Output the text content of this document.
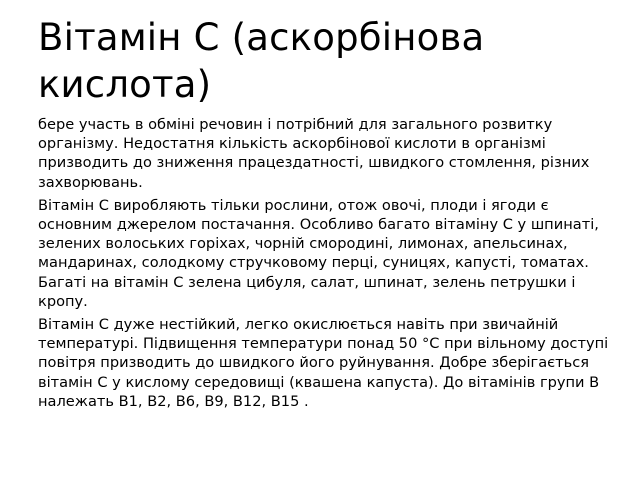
Вітамін С (аскорбінова кислота)

бере участь в обміні речовин і потрібний для загального розвитку організму. Недостатня кількість аскорбінової кислоти в організмі призводить до зниження працездатності, швидкого стомлення, різних захворювань.

Вітамін С виробляють тільки рослини, отож овочі, плоди і ягоди є основним джерелом постачання. Особливо багато вітаміну С у шпинаті, зелених волоських горіхах, чорній смородині, лимонах, апельсинах, мандаринах, солодкому стручковому перці, суницях, капусті, томатах. Багаті на вітамін С зелена цибуля, салат, шпинат, зелень петрушки і кропу.

Вітамін С дуже нестійкий, легко окислюється навіть при звичайній температурі. Підвищення температури понад 50 °С при вільному доступі повітря призводить до швидкого його руйнування. Добре зберігається вітамін С у кислому середовищі (квашена капуста). До вітамінів групи В належать В1, В2, В6, В9, В12, В15 .
